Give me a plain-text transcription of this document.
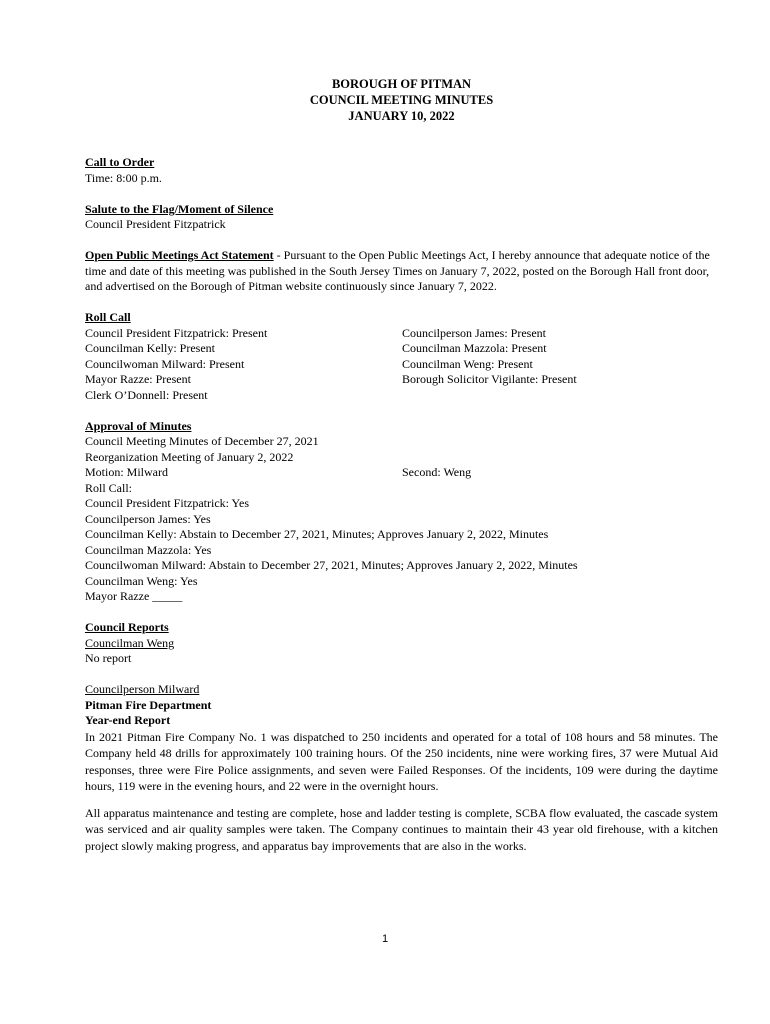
BOROUGH OF PITMAN
COUNCIL MEETING MINUTES
JANUARY 10, 2022
Call to Order
Time: 8:00 p.m.
Salute to the Flag/Moment of Silence
Council President Fitzpatrick
Open Public Meetings Act Statement - Pursuant to the Open Public Meetings Act, I hereby announce that adequate notice of the time and date of this meeting was published in the South Jersey Times on January 7, 2022, posted on the Borough Hall front door, and advertised on the Borough of Pitman website continuously since January 7, 2022.
Roll Call
Council President Fitzpatrick: Present	Councilperson James: Present
Councilman Kelly: Present	Councilman Mazzola: Present
Councilwoman Milward: Present	Councilman Weng: Present
Mayor Razze: Present	Borough Solicitor Vigilante: Present
Clerk O’Donnell: Present
Approval of Minutes
Council Meeting Minutes of December 27, 2021
Reorganization Meeting of January 2, 2022
Motion: Milward	Second: Weng
Roll Call:
Council President Fitzpatrick: Yes
Councilperson James: Yes
Councilman Kelly: Abstain to December 27, 2021, Minutes; Approves January 2, 2022, Minutes
Councilman Mazzola: Yes
Councilwoman Milward: Abstain to December 27, 2021, Minutes; Approves January 2, 2022, Minutes
Councilman Weng: Yes
Mayor Razze _____
Council Reports
Councilman Weng
No report
Councilperson Milward
Pitman Fire Department
Year-end Report
In 2021 Pitman Fire Company No. 1 was dispatched to 250 incidents and operated for a total of 108 hours and 58 minutes. The Company held 48 drills for approximately 100 training hours. Of the 250 incidents, nine were working fires, 37 were Mutual Aid responses, three were Fire Police assignments, and seven were Failed Responses. Of the incidents, 109 were during the daytime hours, 119 were in the evening hours, and 22 were in the overnight hours.
All apparatus maintenance and testing are complete, hose and ladder testing is complete, SCBA flow evaluated, the cascade system was serviced and air quality samples were taken. The Company continues to maintain their 43 year old firehouse, with a kitchen project slowly making progress, and apparatus bay improvements that are also in the works.
1
